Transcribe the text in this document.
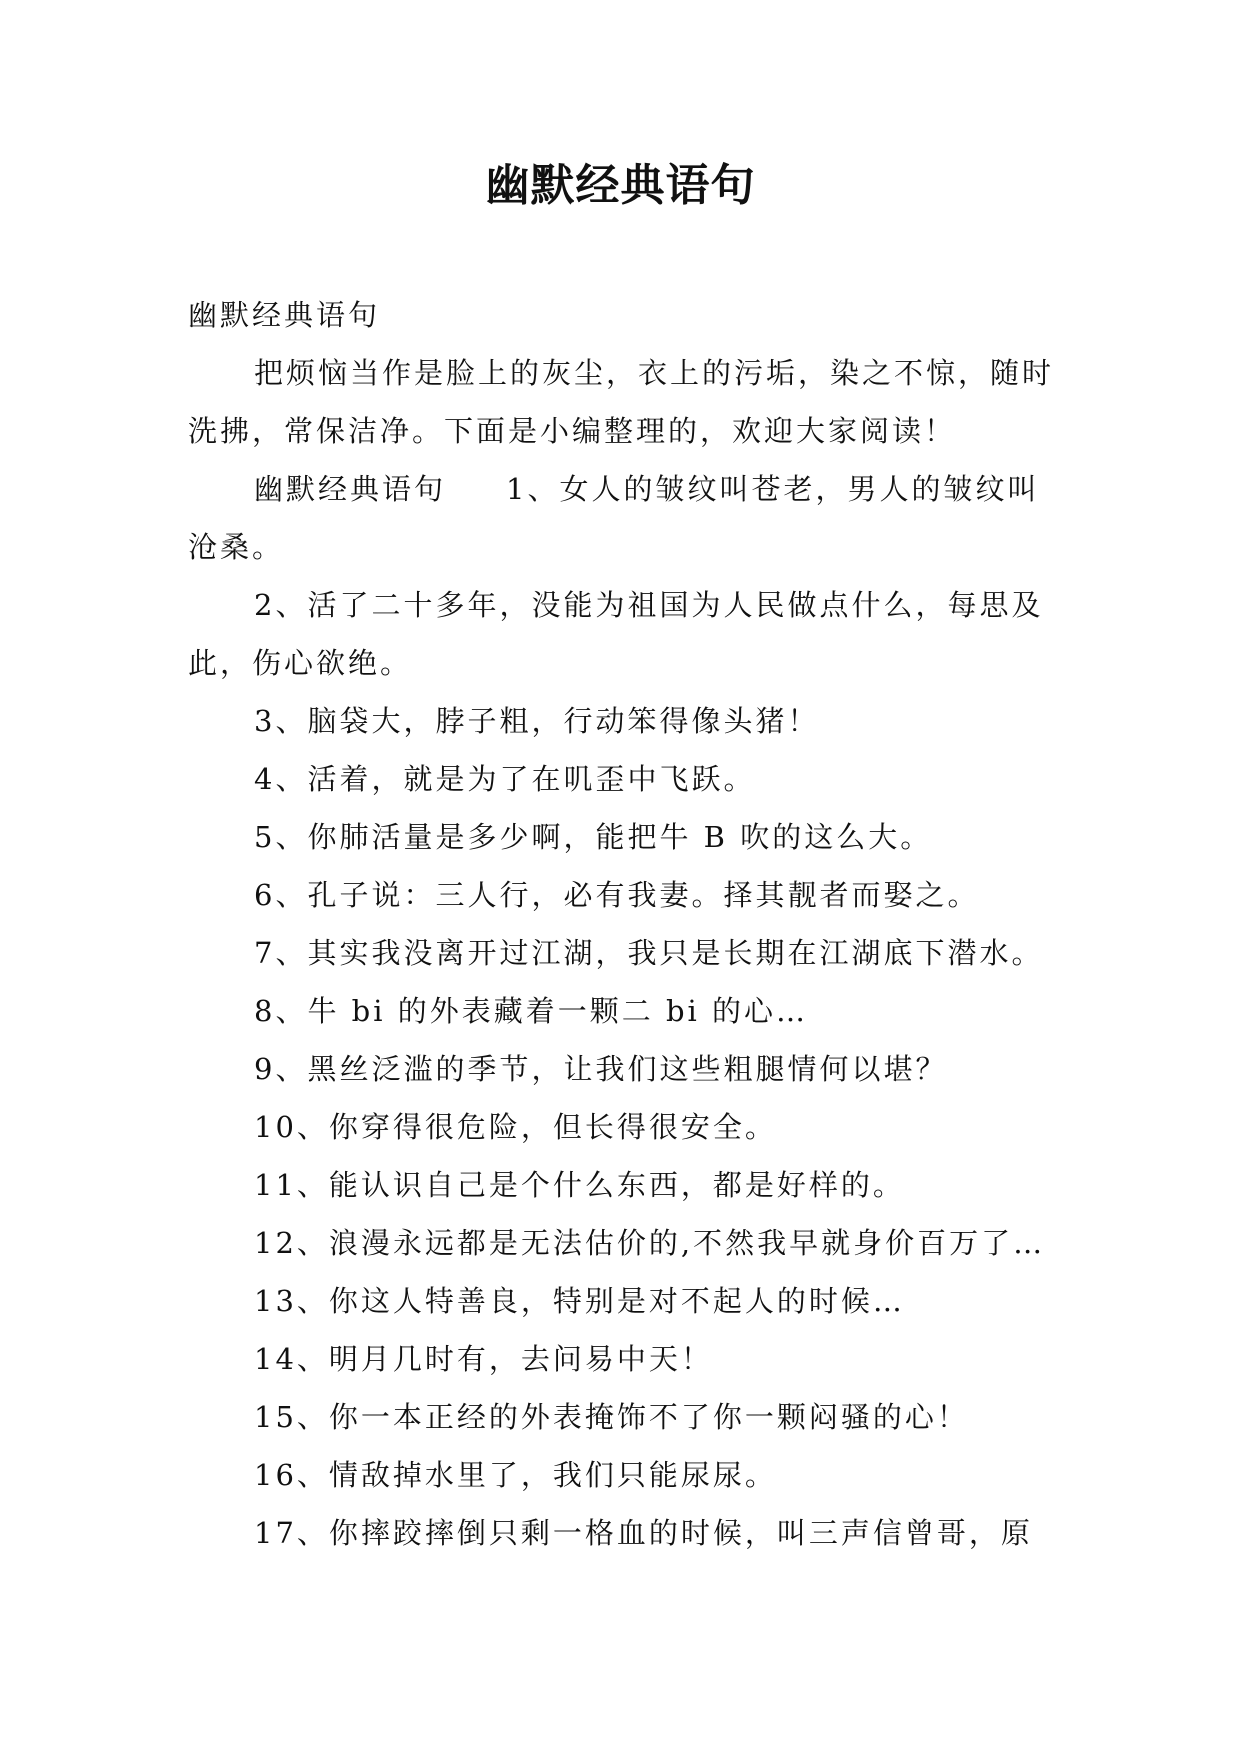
幽默经典语句

幽默经典语句

把烦恼当作是脸上的灰尘，衣上的污垢，染之不惊，随时洗拂，常保洁净。下面是小编整理的，欢迎大家阅读！

幽默经典语句 1、女人的皱纹叫苍老，男人的皱纹叫沧桑。

2、活了二十多年，没能为祖国为人民做点什么，每思及此，伤心欲绝。

3、脑袋大，脖子粗，行动笨得像头猪！

4、活着，就是为了在叽歪中飞跃。

5、你肺活量是多少啊，能把牛 B 吹的这么大。

6、孔子说：三人行，必有我妻。择其靓者而娶之。

7、其实我没离开过江湖，我只是长期在江湖底下潜水。

8、牛 bi 的外表藏着一颗二 bi 的心…

9、黑丝泛滥的季节，让我们这些粗腿情何以堪？

10、你穿得很危险，但长得很安全。

11、能认识自己是个什么东西，都是好样的。

12、浪漫永远都是无法估价的,不然我早就身价百万了…

13、你这人特善良，特别是对不起人的时候…

14、明月几时有，去问易中天！

15、你一本正经的外表掩饰不了你一颗闷骚的心！

16、情敌掉水里了，我们只能尿尿。

17、你摔跤摔倒只剩一格血的时候，叫三声信曾哥，原
